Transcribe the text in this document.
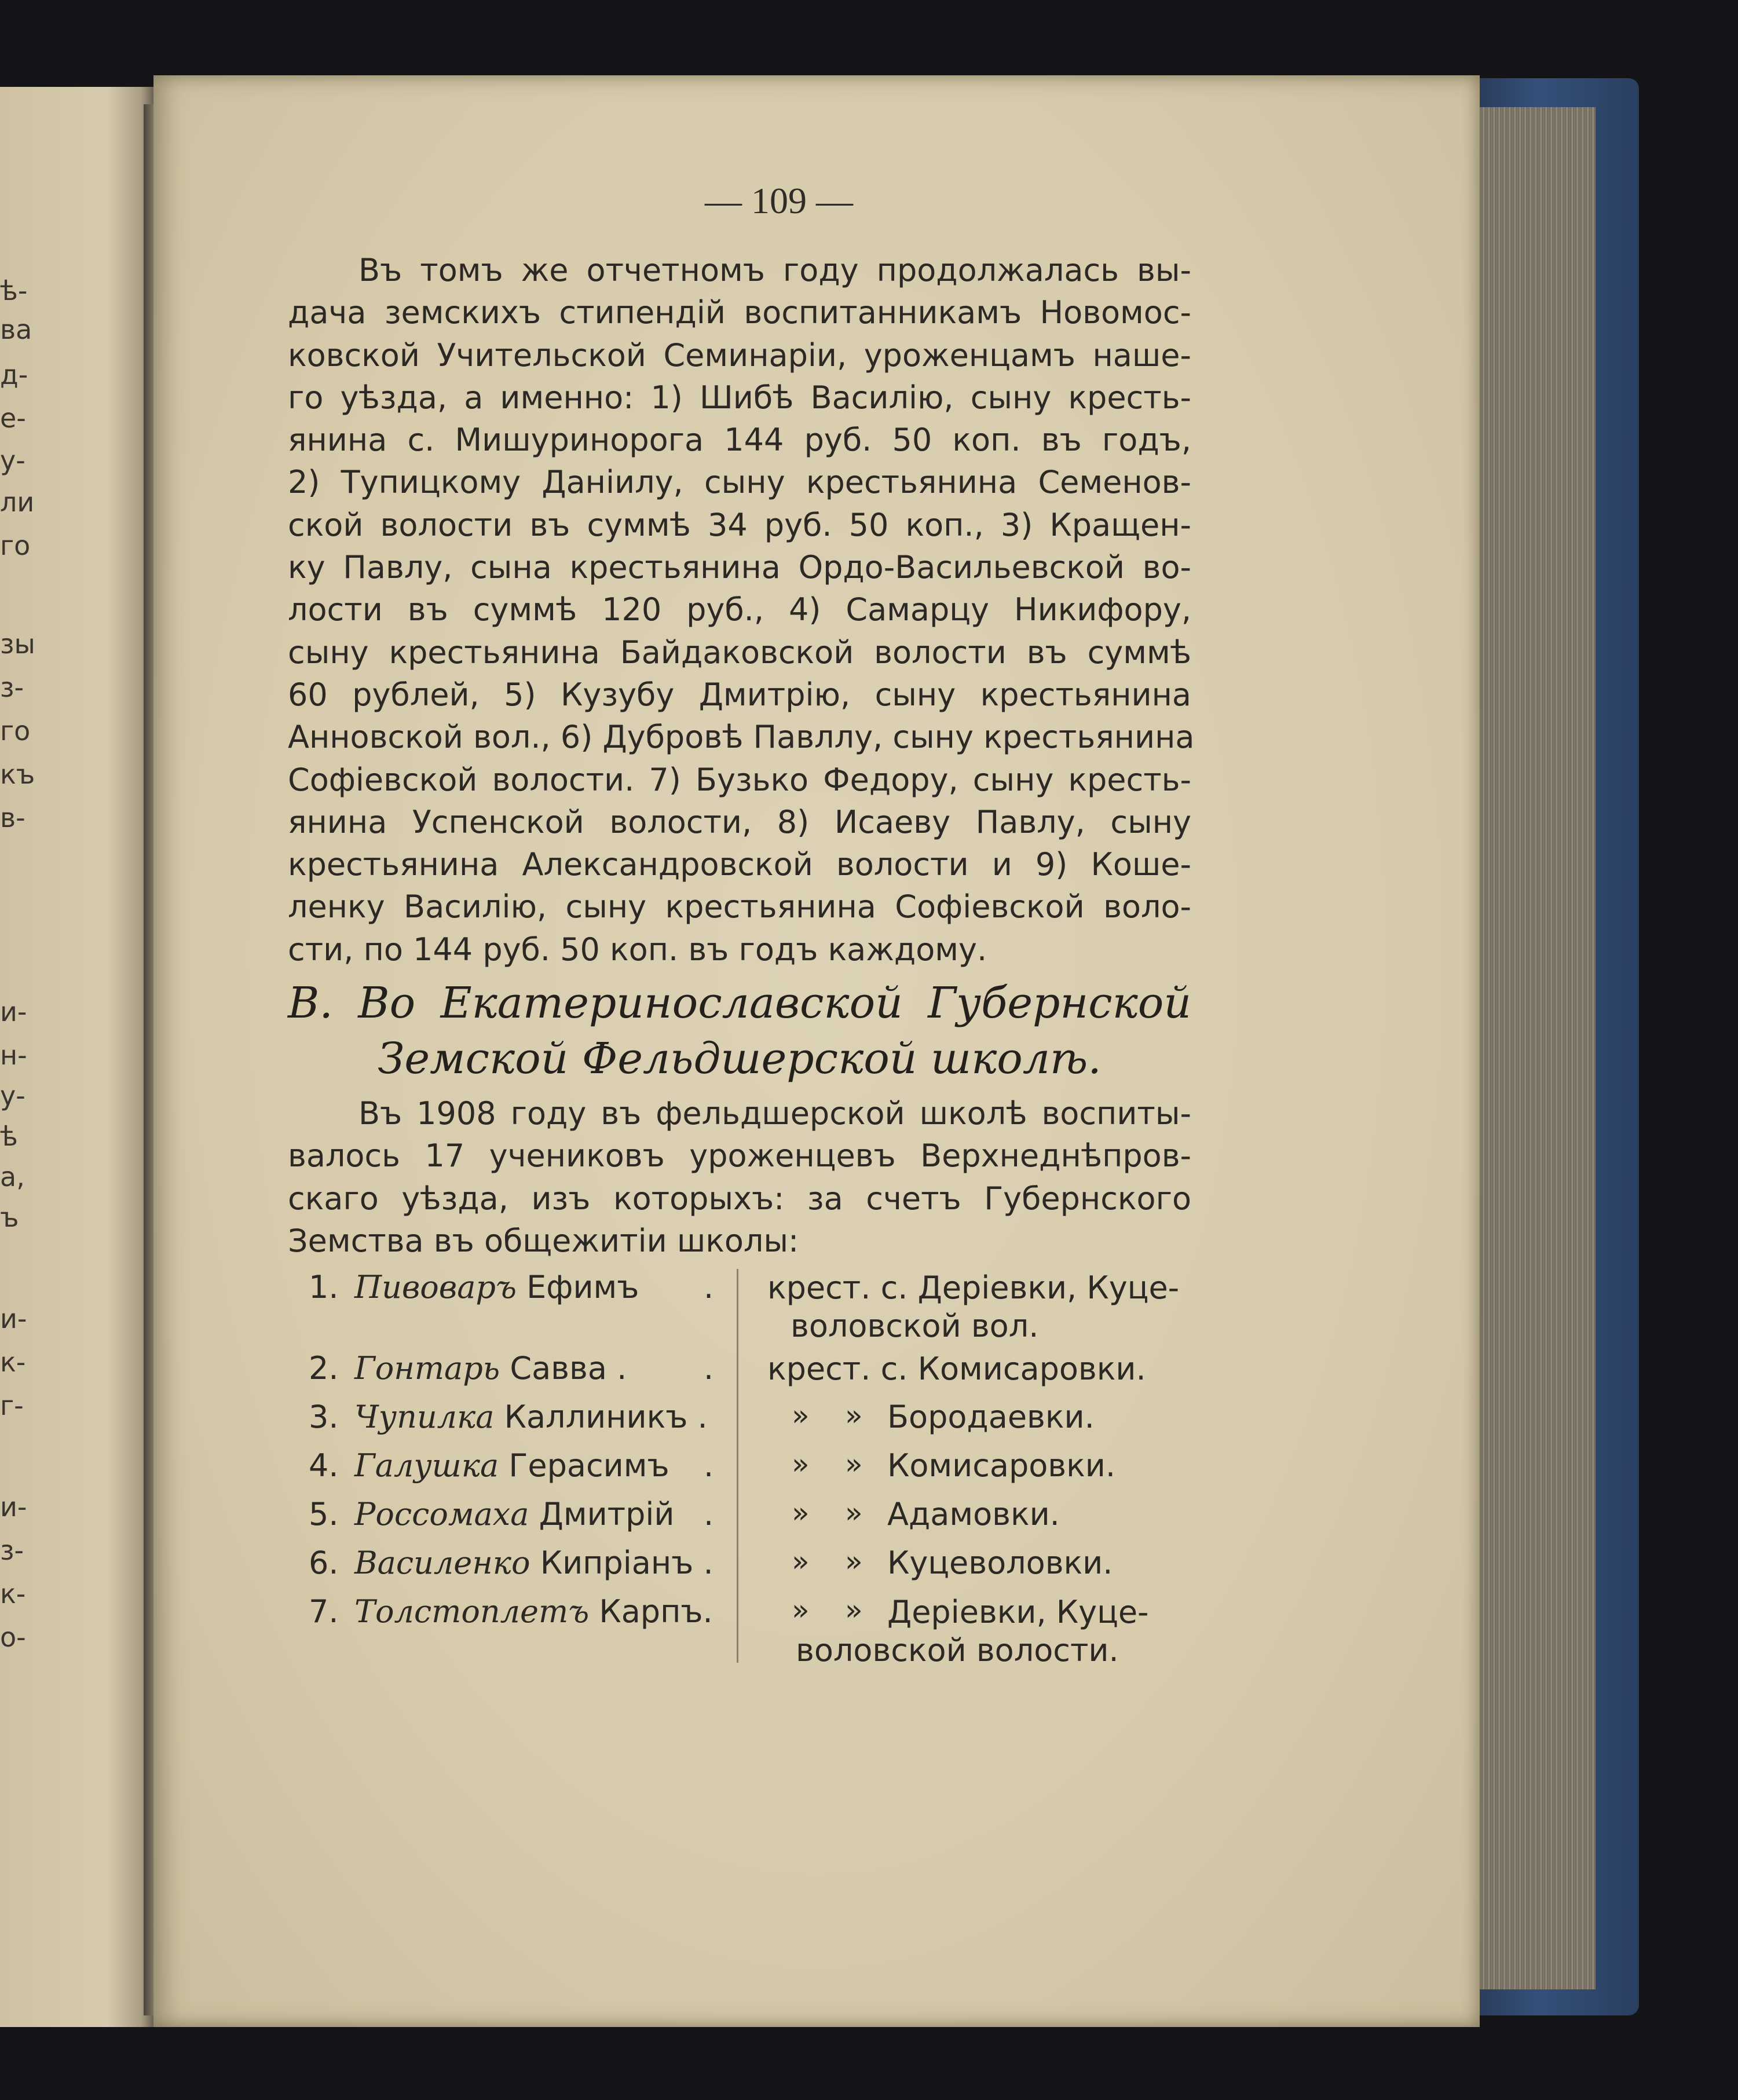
ѣ-
ва
д-
е-
у-
ли
го
зы
з-
го
къ
в-
и-
н-
у-
ѣ
а,
ъ
и-
к-
г-
и-
з-
к-
о-
— 109 —

Въ томъ же отчетномъ году продолжалась вы-

дача земскихъ стипендій воспитанникамъ Новомос-

ковской Учительской Семинаріи, уроженцамъ наше-

го уѣзда, а именно: 1) Шибѣ Василію, сыну кресть-

янина с. Мишуринорога 144 руб. 50 коп. въ годъ,

2) Тупицкому Даніилу, сыну крестьянина Семенов-

ской волости въ суммѣ 34 руб. 50 коп., 3) Кращен-

ку Павлу, сына крестьянина Ордо-Васильевской во-

лости въ суммѣ 120 руб., 4) Самарцу Никифору,

сыну крестьянина Байдаковской волости въ суммѣ

60 рублей, 5) Кузубу Дмитрію, сыну крестьянина

Анновской вол., 6) Дубровѣ Павллу, сыну крестьянина

Софіевской волости. 7) Бузько Федору, сыну кресть-

янина Успенской волости, 8) Исаеву Павлу, сыну

крестьянина Александровской волости и 9) Коше-

ленку Василію, сыну крестьянина Софіевской воло-

сти, по 144 руб. 50 коп. въ годъ каждому.

В. Во Екатеринославской Губернской
Земской Фельдшерской школѣ.

Въ 1908 году въ фельдшерской школѣ воспиты-

валось 17 учениковъ уроженцевъ Верхнеднѣпров-

скаго уѣзда, изъ которыхъ: за счетъ Губернского

Земства въ общежитіи школы:

1. Пивоваръ Ефимъ . крест. с. Деріевки, Куце-
воловской вол.
2. Гонтарь Савва . . крест. с. Комисаровки.
3. Чупилка Каллиникъ .	» » Бородаевки.
4. Галушка Герасимъ .	» » Комисаровки.
5. Россомаха Дмитрій .	» » Адамовки.
6. Василенко Кипріанъ .	» » Куцеволовки.
7. Толстоплетъ Карпъ.	» » Деріевки, Куце-
воловской волости.
